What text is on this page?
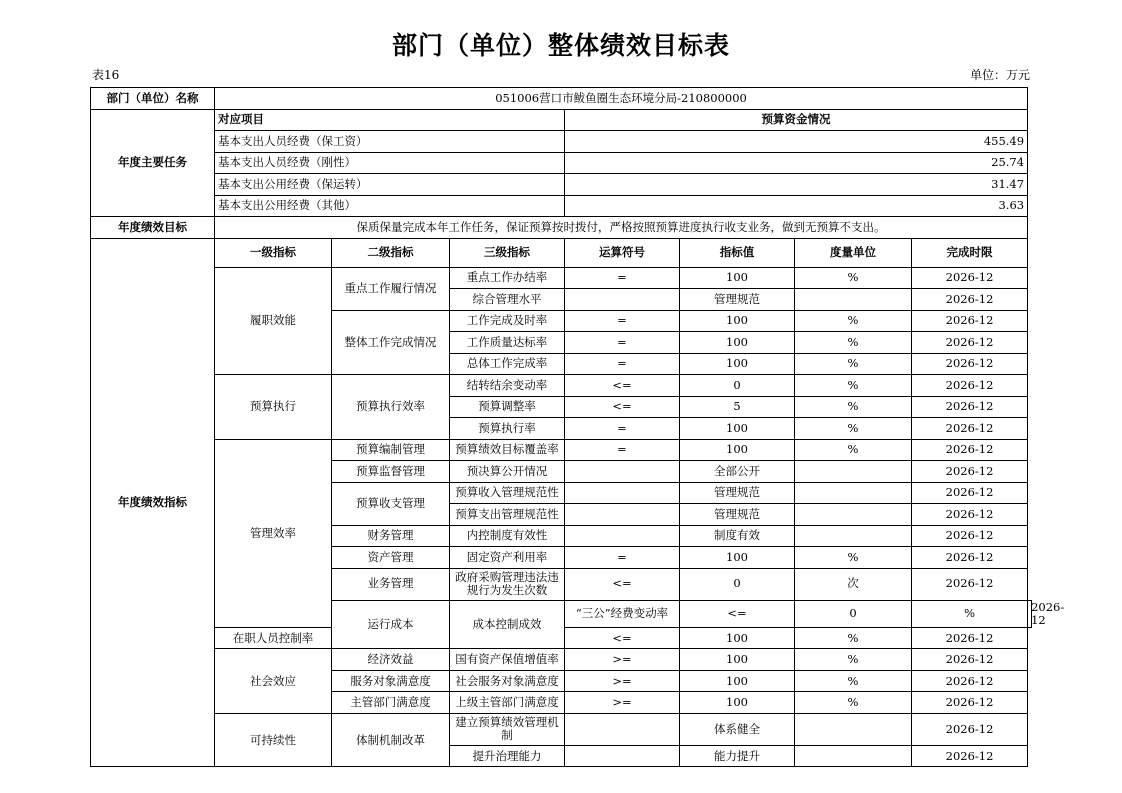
部门（单位）整体绩效目标表
表16	单位：万元
部门（单位）名称	051006营口市鲅鱼圈生态环境分局-210800000							
年度主要任务	对应项目			预算资金情况				
	基本支出人员经费（保工资）			455.49				
	基本支出人员经费（刚性）			25.74				
	基本支出公用经费（保运转）			31.47				
	基本支出公用经费（其他）			3.63				
年度绩效目标	保质保量完成本年工作任务，保证预算按时拨付，严格按照预算进度执行收支业务，做到无预算不支出。							
年度绩效指标	一级指标	二级指标	三级指标	运算符号	指标值	度量单位	完成时限	
	履职效能	重点工作履行情况	重点工作办结率	=	100	%	2026-12	
			综合管理水平		管理规范		2026-12	
		整体工作完成情况	工作完成及时率	=	100	%	2026-12	
			工作质量达标率	=	100	%	2026-12	
			总体工作完成率	=	100	%	2026-12	
	预算执行	预算执行效率	结转结余变动率	<=	0	%	2026-12	
			预算调整率	<=	5	%	2026-12	
			预算执行率	=	100	%	2026-12	
	管理效率	预算编制管理	预算绩效目标覆盖率	=	100	%	2026-12	
		预算监督管理	预决算公开情况		全部公开		2026-12	
		预算收支管理	预算收入管理规范性		管理规范		2026-12	
			预算支出管理规范性		管理规范		2026-12	
		财务管理	内控制度有效性		制度有效		2026-12	
		资产管理	固定资产利用率	=	100	%	2026-12	
		业务管理	政府采购管理违法违规行为发生次数	<=	0	次	2026-12	
		运行成本	成本控制成效	“三公”经费变动率	<=	0	%	2026-12
	在职人员控制率			<=	100	%	2026-12	
	社会效应	经济效益	国有资产保值增值率	>=	100	%	2026-12	
		服务对象满意度	社会服务对象满意度	>=	100	%	2026-12	
		主管部门满意度	上级主管部门满意度	>=	100	%	2026-12	
	可持续性	体制机制改革	建立预算绩效管理机制		体系健全		2026-12	
			提升治理能力		能力提升		2026-12	
